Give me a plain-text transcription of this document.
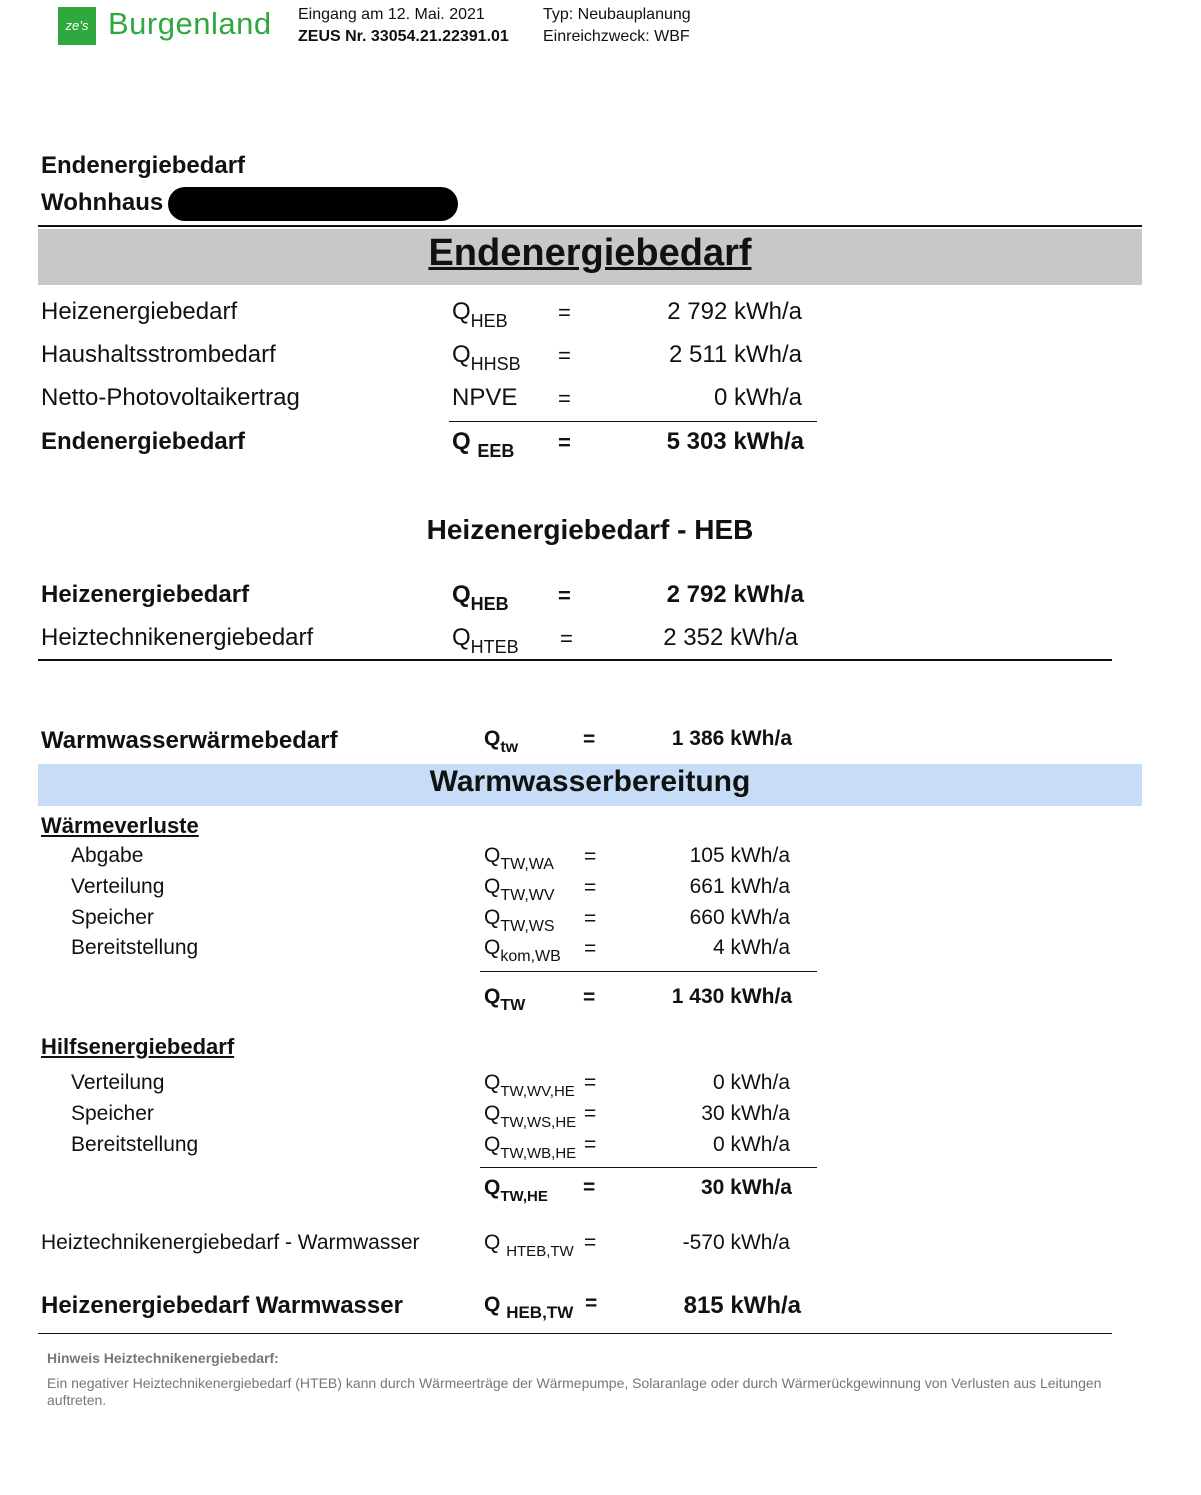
ze’s Burgenland Eingang am 12. Mai. 2021	Typ: Neubauplanung
ZEUS Nr. 33054.21.22391.01 Einreichzweck: WBF
Endenergiebedarf
Wohnhaus
Endenergiebedarf
Heizenergiebedarf	$Q_{HEB}$ =	2 792 kWh/a
Haushaltsstrombedarf	$Q_{HHSB}$ =	2 511 kWh/a
Netto-Photovoltaikertrag	NPVE =	0 kWh/a
Endenergiebedarf	Q $_{EEB}$ =	5 303 kWh/a
Heizenergiebedarf - HEB
Heizenergiebedarf	$Q_{HEB}$ =	2 792 kWh/a
Heiztechnikenergiebedarf	$Q_{HTEB}$ =	2 352 kWh/a
Warmwasserwärmebedarf	$Q_{tw}$	=	1 386 kWh/a
Warmwasserbereitung
Wärmeverluste
Abgabe	$Q_{TW,WA}$ =	105 kWh/a
Verteilung	$Q_{TW,WV}$ =	661 kWh/a
Speicher	$Q_{TW,WS}$ =	660 kWh/a
Bereitstellung	$Q_{kom,WB}$ =	4 kWh/a
$Q_{TW}$	=	1 430 kWh/a
Hilfsenergiebedarf
Verteilung	$Q_{TW,WV,HE}$ =	0 kWh/a
Speicher	$Q_{TW,WS,HE}$ =	30 kWh/a
Bereitstellung	$Q_{TW,WB,HE}$ =	0 kWh/a
$Q_{TW,HE}$ =	30 kWh/a
Heiztechnikenergiebedarf - Warmwasser	Q $_{HTEB,TW}$ =	-570 kWh/a
Heizenergiebedarf Warmwasser	Q $_{HEB,TW}$ =	815 kWh/a
Hinweis Heiztechnikenergiebedarf:
Ein negativer Heiztechnikenergiebedarf (HTEB) kann durch Wärmeerträge der Wärmepumpe, Solaranlage oder durch Wärmerückgewinnung von Verlusten aus Leitungen auftreten.
